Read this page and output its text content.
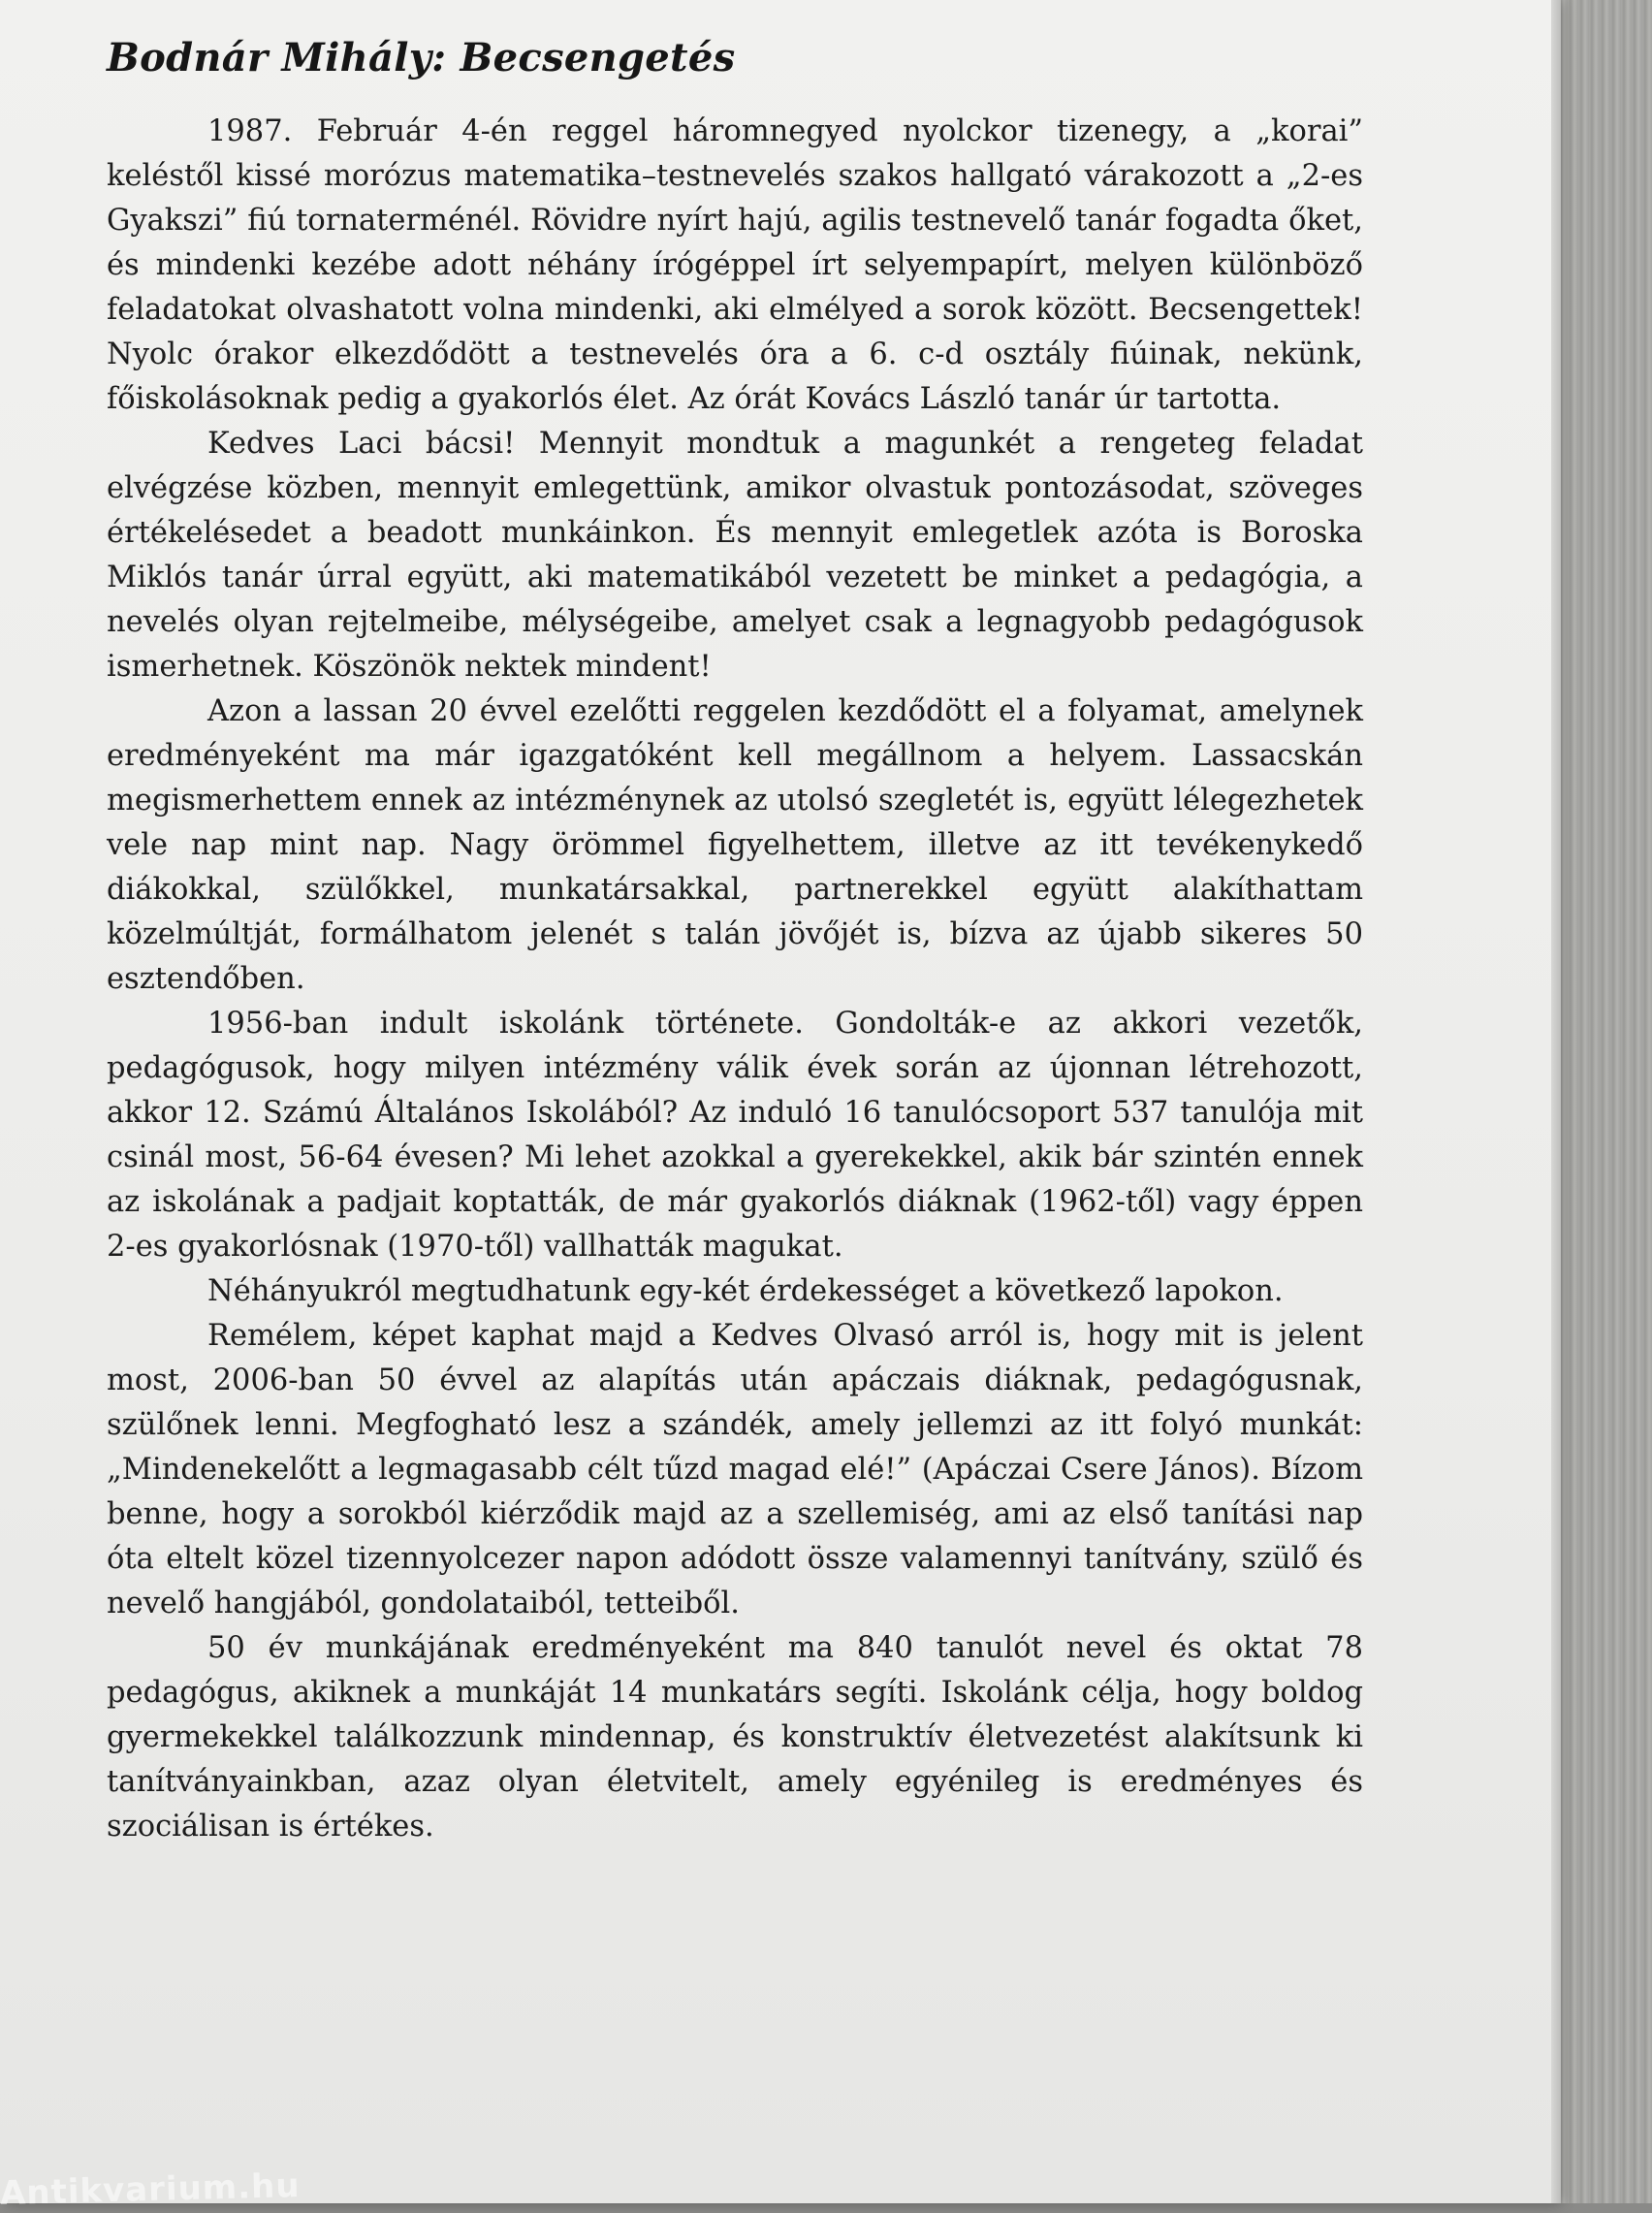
Bodnár Mihály: Becsengetés

1987. Február 4-én reggel háromnegyed nyolckor tizenegy, a „korai” keléstől kissé morózus matematika–testnevelés szakos hallgató várakozott a „2-es Gyakszi” fiú tornaterménél. Rövidre nyírt hajú, agilis testnevelő tanár fogadta őket, és mindenki kezébe adott néhány írógéppel írt selyempapírt, melyen különböző feladatokat olvashatott volna mindenki, aki elmélyed a sorok között. Becsengettek! Nyolc órakor elkezdődött a testnevelés óra a 6. c-d osztály fiúinak, nekünk, főiskolásoknak pedig a gyakorlós élet. Az órát Kovács László tanár úr tartotta.

Kedves Laci bácsi! Mennyit mondtuk a magunkét a rengeteg feladat elvégzése közben, mennyit emlegettünk, amikor olvastuk pontozásodat, szöveges értékelésedet a beadott munkáinkon. És mennyit emlegetlek azóta is Boroska Miklós tanár úrral együtt, aki matematikából vezetett be minket a pedagógia, a nevelés olyan rejtelmeibe, mélységeibe, amelyet csak a legnagyobb pedagógusok ismerhetnek. Köszönök nektek mindent!

Azon a lassan 20 évvel ezelőtti reggelen kezdődött el a folyamat, amelynek eredményeként ma már igazgatóként kell megállnom a helyem. Lassacskán megismerhettem ennek az intézménynek az utolsó szegletét is, együtt lélegezhetek vele nap mint nap. Nagy örömmel figyelhettem, illetve az itt tevékenykedő diákokkal, szülőkkel, munkatársakkal, partnerekkel együtt alakíthattam közelmúltját, formálhatom jelenét s talán jövőjét is, bízva az újabb sikeres 50 esztendőben.

1956-ban indult iskolánk története. Gondolták-e az akkori vezetők, pedagógusok, hogy milyen intézmény válik évek során az újonnan létrehozott, akkor 12. Számú Általános Iskolából? Az induló 16 tanulócsoport 537 tanulója mit csinál most, 56-64 évesen? Mi lehet azokkal a gyerekekkel, akik bár szintén ennek az iskolának a padjait koptatták, de már gyakorlós diáknak (1962-től) vagy éppen 2-es gyakorlósnak (1970-től) vallhatták magukat.

Néhányukról megtudhatunk egy-két érdekességet a következő lapokon.

Remélem, képet kaphat majd a Kedves Olvasó arról is, hogy mit is jelent most, 2006-ban 50 évvel az alapítás után apáczais diáknak, pedagógusnak, szülőnek lenni. Megfogható lesz a szándék, amely jellemzi az itt folyó munkát: „Mindenekelőtt a legmagasabb célt tűzd magad elé!” (Apáczai Csere János). Bízom benne, hogy a sorokból kiérződik majd az a szellemiség, ami az első tanítási nap óta eltelt közel tizennyolcezer napon adódott össze valamennyi tanítvány, szülő és nevelő hangjából, gondolataiból, tetteiből.

50 év munkájának eredményeként ma 840 tanulót nevel és oktat 78 pedagógus, akiknek a munkáját 14 munkatárs segíti. Iskolánk célja, hogy boldog gyermekekkel találkozzunk mindennap, és konstruktív életvezetést alakítsunk ki tanítványainkban, azaz olyan életvitelt, amely egyénileg is eredményes és szociálisan is értékes.

Antikvarium.hu
